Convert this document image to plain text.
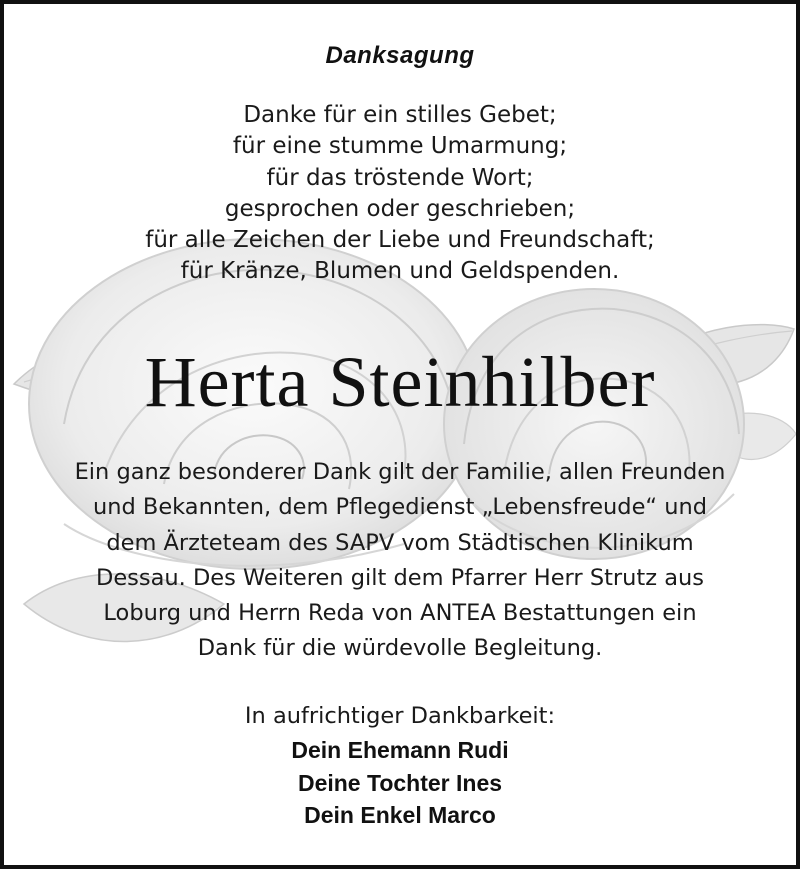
Danksagung
Danke für ein stilles Gebet;
für eine stumme Umarmung;
für das tröstende Wort;
gesprochen oder geschrieben;
für alle Zeichen der Liebe und Freundschaft;
für Kränze, Blumen und Geldspenden.
Herta Steinhilber
Ein ganz besonderer Dank gilt der Familie, allen Freunden
und Bekannten, dem Pflegedienst „Lebensfreude“ und
dem Ärzteteam des SAPV vom Städtischen Klinikum
Dessau. Des Weiteren gilt dem Pfarrer Herr Strutz aus
Loburg und Herrn Reda von ANTEA Bestattungen ein
Dank für die würdevolle Begleitung.
In aufrichtiger Dankbarkeit:
Dein Ehemann Rudi
Deine Tochter Ines
Dein Enkel Marco
